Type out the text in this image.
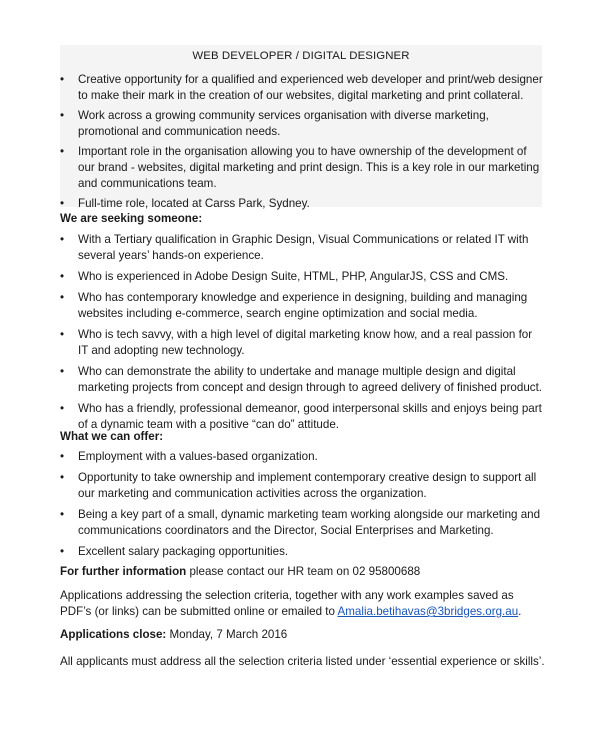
WEB DEVELOPER / DIGITAL DESIGNER
•	Creative opportunity for a qualified and experienced web developer and print/web designer to make their mark in the creation of our websites, digital marketing and print collateral.
•	Work across a growing community services organisation with diverse marketing, promotional and communication needs.
•	Important role in the organisation allowing you to have ownership of the development of our brand - websites, digital marketing and print design. This is a key role in our marketing and communications team.
•	Full-time role, located at Carss Park, Sydney.
We are seeking someone:
•	With a Tertiary qualification in Graphic Design, Visual Communications or related IT with several years’ hands-on experience.
•	Who is experienced in Adobe Design Suite, HTML, PHP, AngularJS, CSS and CMS.
•	Who has contemporary knowledge and experience in designing, building and managing websites including e-commerce, search engine optimization and social media.
•	Who is tech savvy, with a high level of digital marketing know how, and a real passion for IT and adopting new technology.
•	Who can demonstrate the ability to undertake and manage multiple design and digital marketing projects from concept and design through to agreed delivery of finished product.
•	Who has a friendly, professional demeanor, good interpersonal skills and enjoys being part of a dynamic team with a positive “can do” attitude.
What we can offer:
•	Employment with a values-based organization.
•	Opportunity to take ownership and implement contemporary creative design to support all our marketing and communication activities across the organization.
•	Being a key part of a small, dynamic marketing team working alongside our marketing and communications coordinators and the Director, Social Enterprises and Marketing.
•	Excellent salary packaging opportunities.
For further information please contact our HR team on 02 95800688
Applications addressing the selection criteria, together with any work examples saved as PDF’s (or links) can be submitted online or emailed to Amalia.betihavas@3bridges.org.au.
Applications close: Monday, 7 March 2016
All applicants must address all the selection criteria listed under ‘essential experience or skills’.
